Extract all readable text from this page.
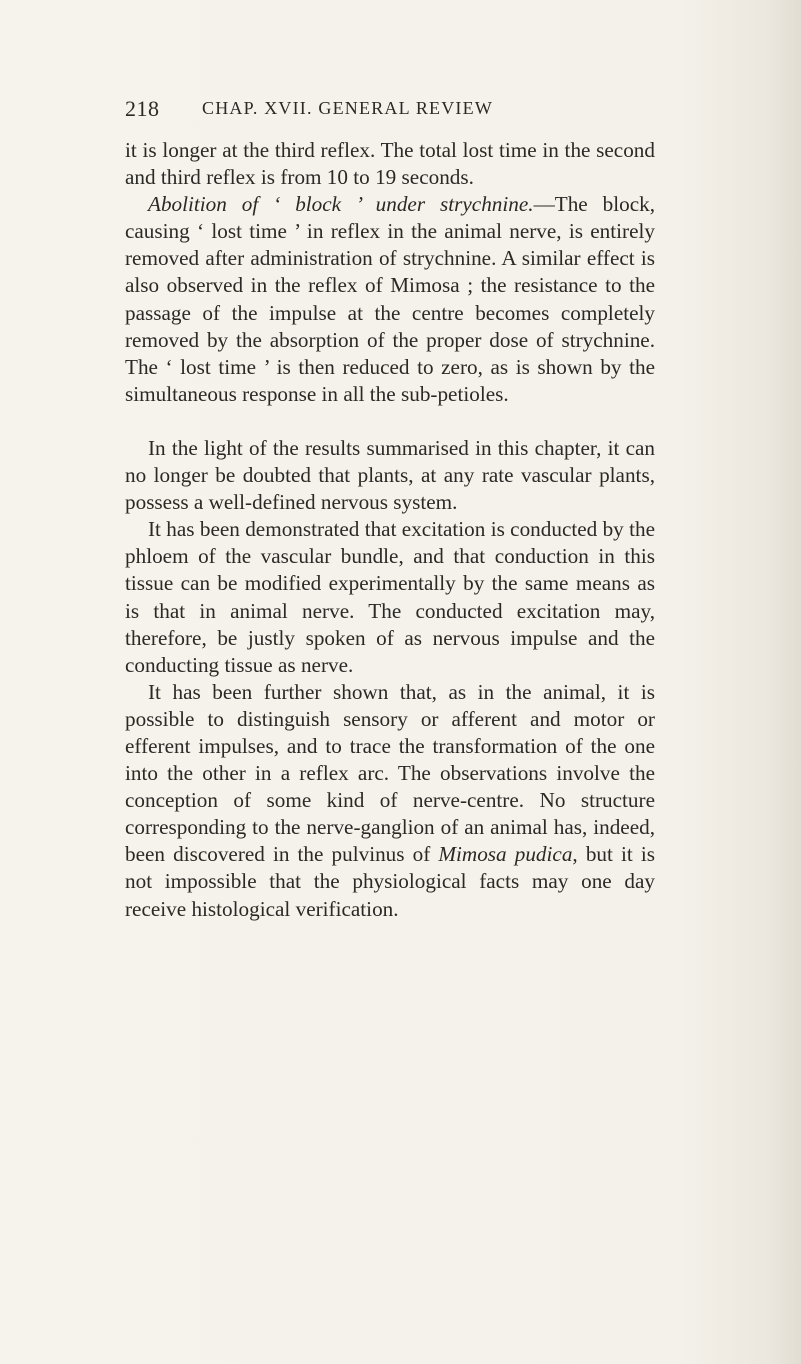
218 CHAP. XVII. GENERAL REVIEW

it is longer at the third reflex. The total lost time in the second and third reflex is from 10 to 19 seconds.

Abolition of ‘ block ’ under strychnine.—The block, causing ‘ lost time ’ in reflex in the animal nerve, is entirely removed after administration of strychnine. A similar effect is also observed in the reflex of Mimosa ; the resistance to the passage of the impulse at the centre becomes completely removed by the absorption of the proper dose of strychnine. The ‘ lost time ’ is then reduced to zero, as is shown by the simultaneous response in all the sub-petioles.

In the light of the results summarised in this chapter, it can no longer be doubted that plants, at any rate vascular plants, possess a well-defined nervous system.

It has been demonstrated that excitation is conducted by the phloem of the vascular bundle, and that conduction in this tissue can be modified experimentally by the same means as is that in animal nerve. The conducted excitation may, therefore, be justly spoken of as nervous impulse and the conducting tissue as nerve.

It has been further shown that, as in the animal, it is possible to distinguish sensory or afferent and motor or efferent impulses, and to trace the transformation of the one into the other in a reflex arc. The observations involve the conception of some kind of nerve-centre. No structure corresponding to the nerve-ganglion of an animal has, indeed, been discovered in the pulvinus of Mimosa pudica, but it is not impossible that the physiological facts may one day receive histological verification.
